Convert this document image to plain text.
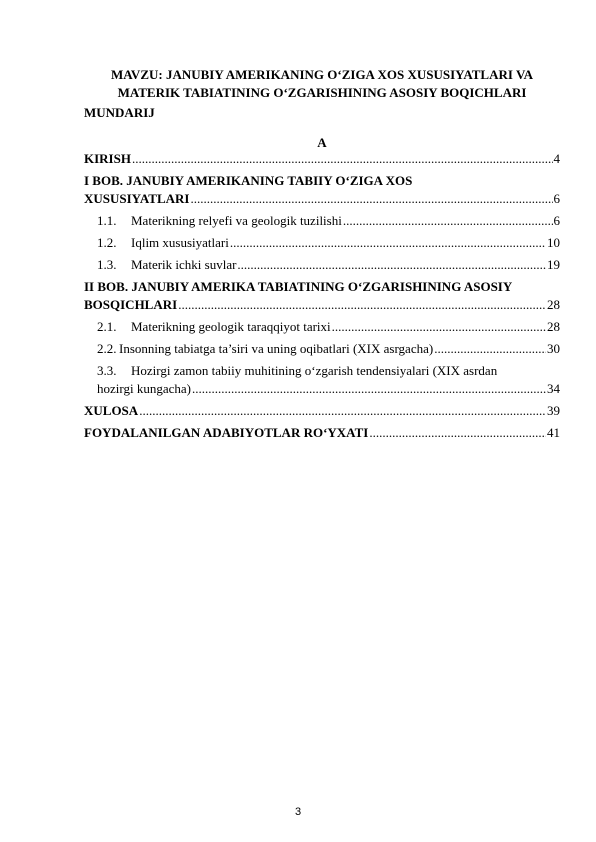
MAVZU: JANUBIY AMERIKANING O‘ZIGA XOS XUSUSIYATLARI VA
MATERIK TABIATINING O‘ZGARISHINING ASOSIY BOQICHLARI
MUNDARIJ
A
KIRISH .....	4
I BOB. JANUBIY AMERIKANING TABIIY O‘ZIGA XOS
XUSUSIYATLARI .....	6
1.1. Materikning relyefi va geologik tuzilishi .....	6
1.2. Iqlim xususiyatlari .....	10
1.3. Materik ichki suvlar .....	19
II BOB. JANUBIY AMERIKA TABIATINING O‘ZGARISHINING ASOSIY
BOSQICHLARI .....	28
2.1. Materikning geologik taraqqiyot tarixi .....	28
2.2. Insonning tabiatga ta’siri va uning oqibatlari (XIX asrgacha) .....	30
3.3. Hozirgi zamon tabiiy muhitining o‘zgarish tendensiyalari (XIX asrdan
hozirgi kungacha) .....	34
XULOSA .....	39
FOYDALANILGAN ADABIYOTLAR RO‘YXATI .....	41
3
